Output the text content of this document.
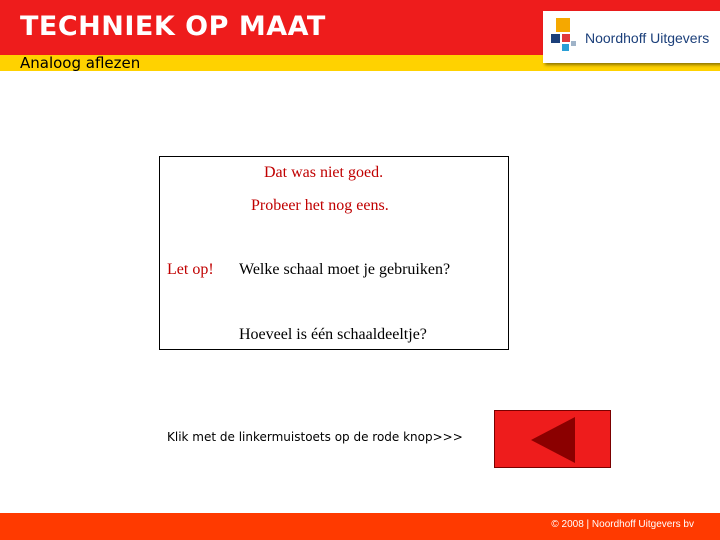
TECHNIEK OP MAAT
Analoog aflezen
Noordhoff Uitgevers
Dat was niet goed.
Probeer het nog eens.
Let op! Welke schaal moet je gebruiken?
Hoeveel is één schaaldeeltje?
Klik met de linkermuistoets op de rode knop>>>
© 2008 | Noordhoff Uitgevers bv
